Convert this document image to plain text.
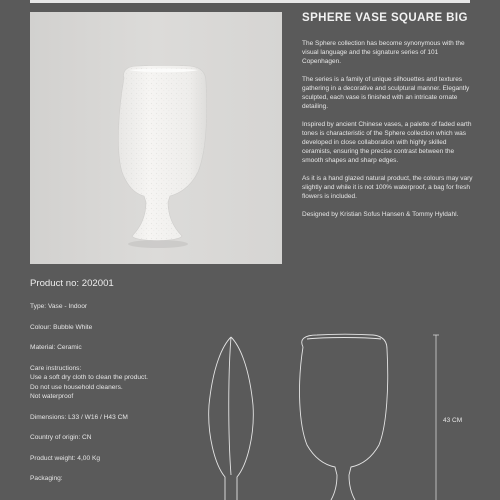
SPHERE VASE SQUARE BIG

The Sphere collection has become synonymous with the visual language and the signature series of 101 Copenhagen.

The series is a family of unique silhouettes and textures gathering in a decorative and sculptural manner. Elegantly sculpted, each vase is finished with an intricate ornate detailing.

Inspired by ancient Chinese vases, a palette of faded earth tones is characteristic of the Sphere collection which was developed in close collaboration with highly skilled ceramists, ensuring the precise contrast between the smooth shapes and sharp edges.

As it is a hand glazed natural product, the colours may vary slightly and while it is not 100% waterproof, a bag for fresh flowers is included.

Designed by Kristian Sofus Hansen & Tommy Hyldahl.

Product no: 202001
Type: Vase - Indoor
Colour: Bubble White
Material: Ceramic
Care instructions:
Use a soft dry cloth to clean the product.
Do not use household cleaners.
Not waterproof
Dimensions: L33 / W16 / H43 CM
Country of origin: CN
Product weight: 4,00 Kg
Packaging:
43 CM
